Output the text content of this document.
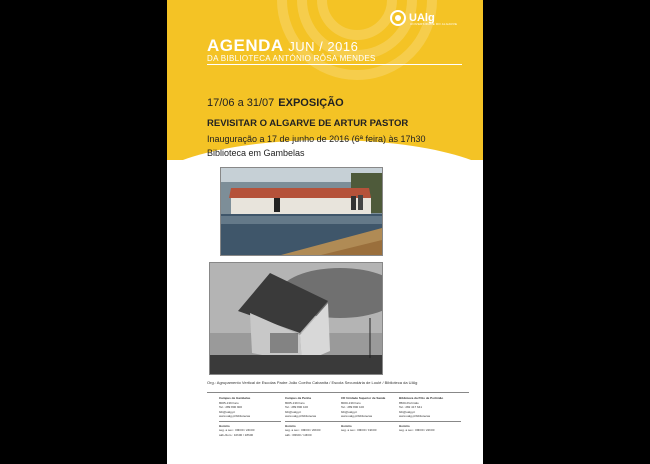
UAlg
UNIVERSIDADE DO ALGARVE
AGENDA JUN / 2016
DA BIBLIOTECA ANTÓNIO RÔSA MENDES
17/06 a 31/07 EXPOSIÇÃO
REVISITAR O ALGARVE DE ARTUR PASTOR
Inauguração a 17 de junho de 2016 (6ª feira) às 17h30
Biblioteca em Gambelas
Org.: Agrupamento Vertical de Escolas Padre João Coelho Cabanita / Escola Secundária de Loulé / Biblioteca da UAlg
Campus de Gambelas
8005-139 Faro
Tel.: 289 800 900
bib@ualg.pt
www.ualg.pt/bibliotecas
Horário
seg. a sex.: 09h00 / 24h00
sáb./dom.: 10h00 / 18h00
Campus da Penha
8005-139 Faro
Tel.: 289 800 100
bib@ualg.pt
www.ualg.pt/bibliotecas
Horário
seg. a sex.: 09h00 / 20h00
sáb.: 09h00 / 13h00
CD Unidade Superior de Saúde
8000-139 Faro
Tel.: 289 800 100
bib@ualg.pt
www.ualg.pt/bibliotecas
Horário
seg. a sex.: 09h00 / 19h00
Biblioteca da Pólo de Portimão
8500-Portimão
Tel.: 282 417 641
bib@ualg.pt
www.ualg.pt/bibliotecas
Horário
seg. a sex.: 09h00 / 22h00
